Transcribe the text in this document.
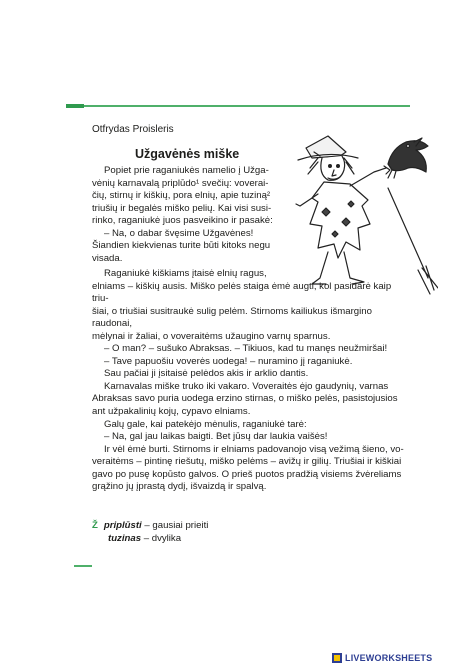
Otfrydas Proisleris
Užgavėnės miške
Popiet prie raganiukės namelio į Užga-
vėnių karnavalą priplūdo¹ svečių: voverai-
čių, stirnų ir kiškių, pora elnių, apie tuziną²
triušių ir begalės miško pelių. Kai visi susi-
rinko, raganiukė juos pasveikino ir pasakė:
– Na, o dabar švęsime Užgavėnes!
Šiandien kiekvienas turite būti kitoks negu
visada.
Raganiukė kiškiams įtaisė elnių ragus,
elniams – kiškių ausis. Miško pelės staiga ėmė augti, kol pasidarė kaip triu-
šiai, o triušiai susitraukė sulig pelėm. Stirnoms kailiukus išmargino raudonai,
mėlynai ir žaliai, o voveraitėms užaugino varnų sparnus.
– O man? – sušuko Abraksas. – Tikiuos, kad tu manęs neužmiršai!
– Tave papuošiu voverės uodega! – nuramino jį raganiukė.
Sau pačiai ji įsitaisė pelėdos akis ir arklio dantis.
Karnavalas miške truko iki vakaro. Voveraitės ėjo gaudynių, varnas
Abraksas savo puria uodega erzino stirnas, o miško pelės, pasistojusios
ant užpakalinių kojų, cypavo elniams.
Galų gale, kai patekėjo mėnulis, raganiukė tarė:
– Na, gal jau laikas baigti. Bet jūsų dar laukia vaišės!
Ir vėl ėmė burti. Stirnoms ir elniams padovanojo visą vežimą šieno, vo-
veraitėms – pintinę riešutų, miško pelėms – avižų ir gilių. Triušiai ir kiškiai
gavo po pusę kopūsto galvos. O prieš puotos pradžią visiems žvėreliams
grąžino jų įprastą dydį, išvaizdą ir spalvą.
Ž priplūsti – gausiai prieiti
tuzinas – dvylika
LIVEWORKSHEETS
